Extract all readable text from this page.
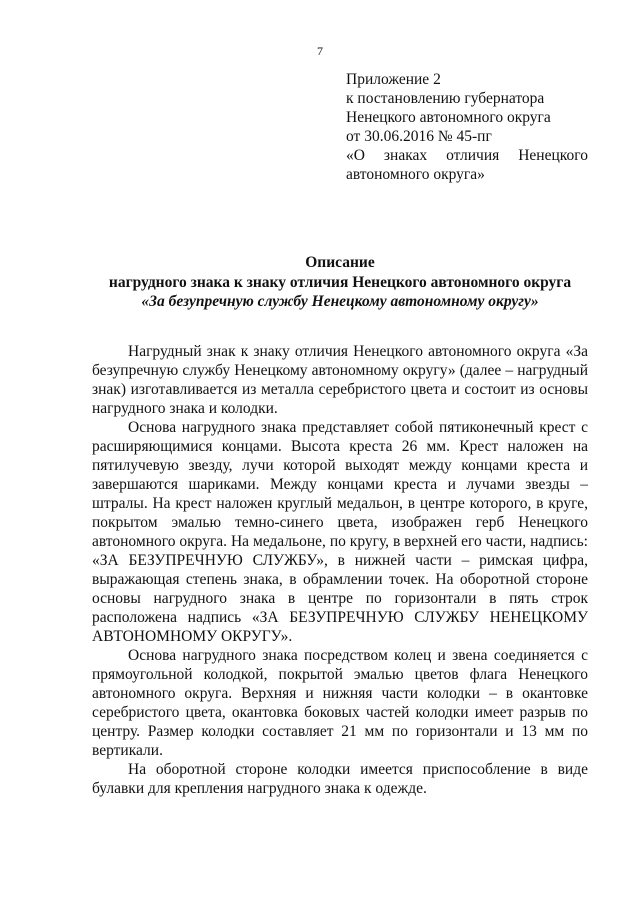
7
Приложение 2
к постановлению губернатора
Ненецкого автономного округа
от 30.06.2016 № 45-пг
«О знаках отличия Ненецкого
автономного округа»
Описание
нагрудного знака к знаку отличия Ненецкого автономного округа
«За безупречную службу Ненецкому автономному округу»

Нагрудный знак к знаку отличия Ненецкого автономного округа «За безупречную службу Ненецкому автономному округу» (далее – нагрудный знак) изготавливается из металла серебристого цвета и состоит из основы нагрудного знака и колодки.

Основа нагрудного знака представляет собой пятиконечный крест с расширяющимися концами. Высота креста 26 мм. Крест наложен на пятилучевую звезду, лучи которой выходят между концами креста и завершаются шариками. Между концами креста и лучами звезды – штралы. На крест наложен круглый медальон, в центре которого, в круге, покрытом эмалью темно-синего цвета, изображен герб Ненецкого автономного округа. На медальоне, по кругу, в верхней его части, надпись: «ЗА БЕЗУПРЕЧНУЮ СЛУЖБУ», в нижней части – римская цифра, выражающая степень знака, в обрамлении точек. На оборотной стороне основы нагрудного знака в центре по горизонтали в пять строк расположена надпись «ЗА БЕЗУПРЕЧНУЮ СЛУЖБУ НЕНЕЦКОМУ АВТОНОМНОМУ ОКРУГУ».

Основа нагрудного знака посредством колец и звена соединяется с прямоугольной колодкой, покрытой эмалью цветов флага Ненецкого автономного округа. Верхняя и нижняя части колодки – в окантовке серебристого цвета, окантовка боковых частей колодки имеет разрыв по центру. Размер колодки составляет 21 мм по горизонтали и 13 мм по вертикали.

На оборотной стороне колодки имеется приспособление в виде булавки для крепления нагрудного знака к одежде.
